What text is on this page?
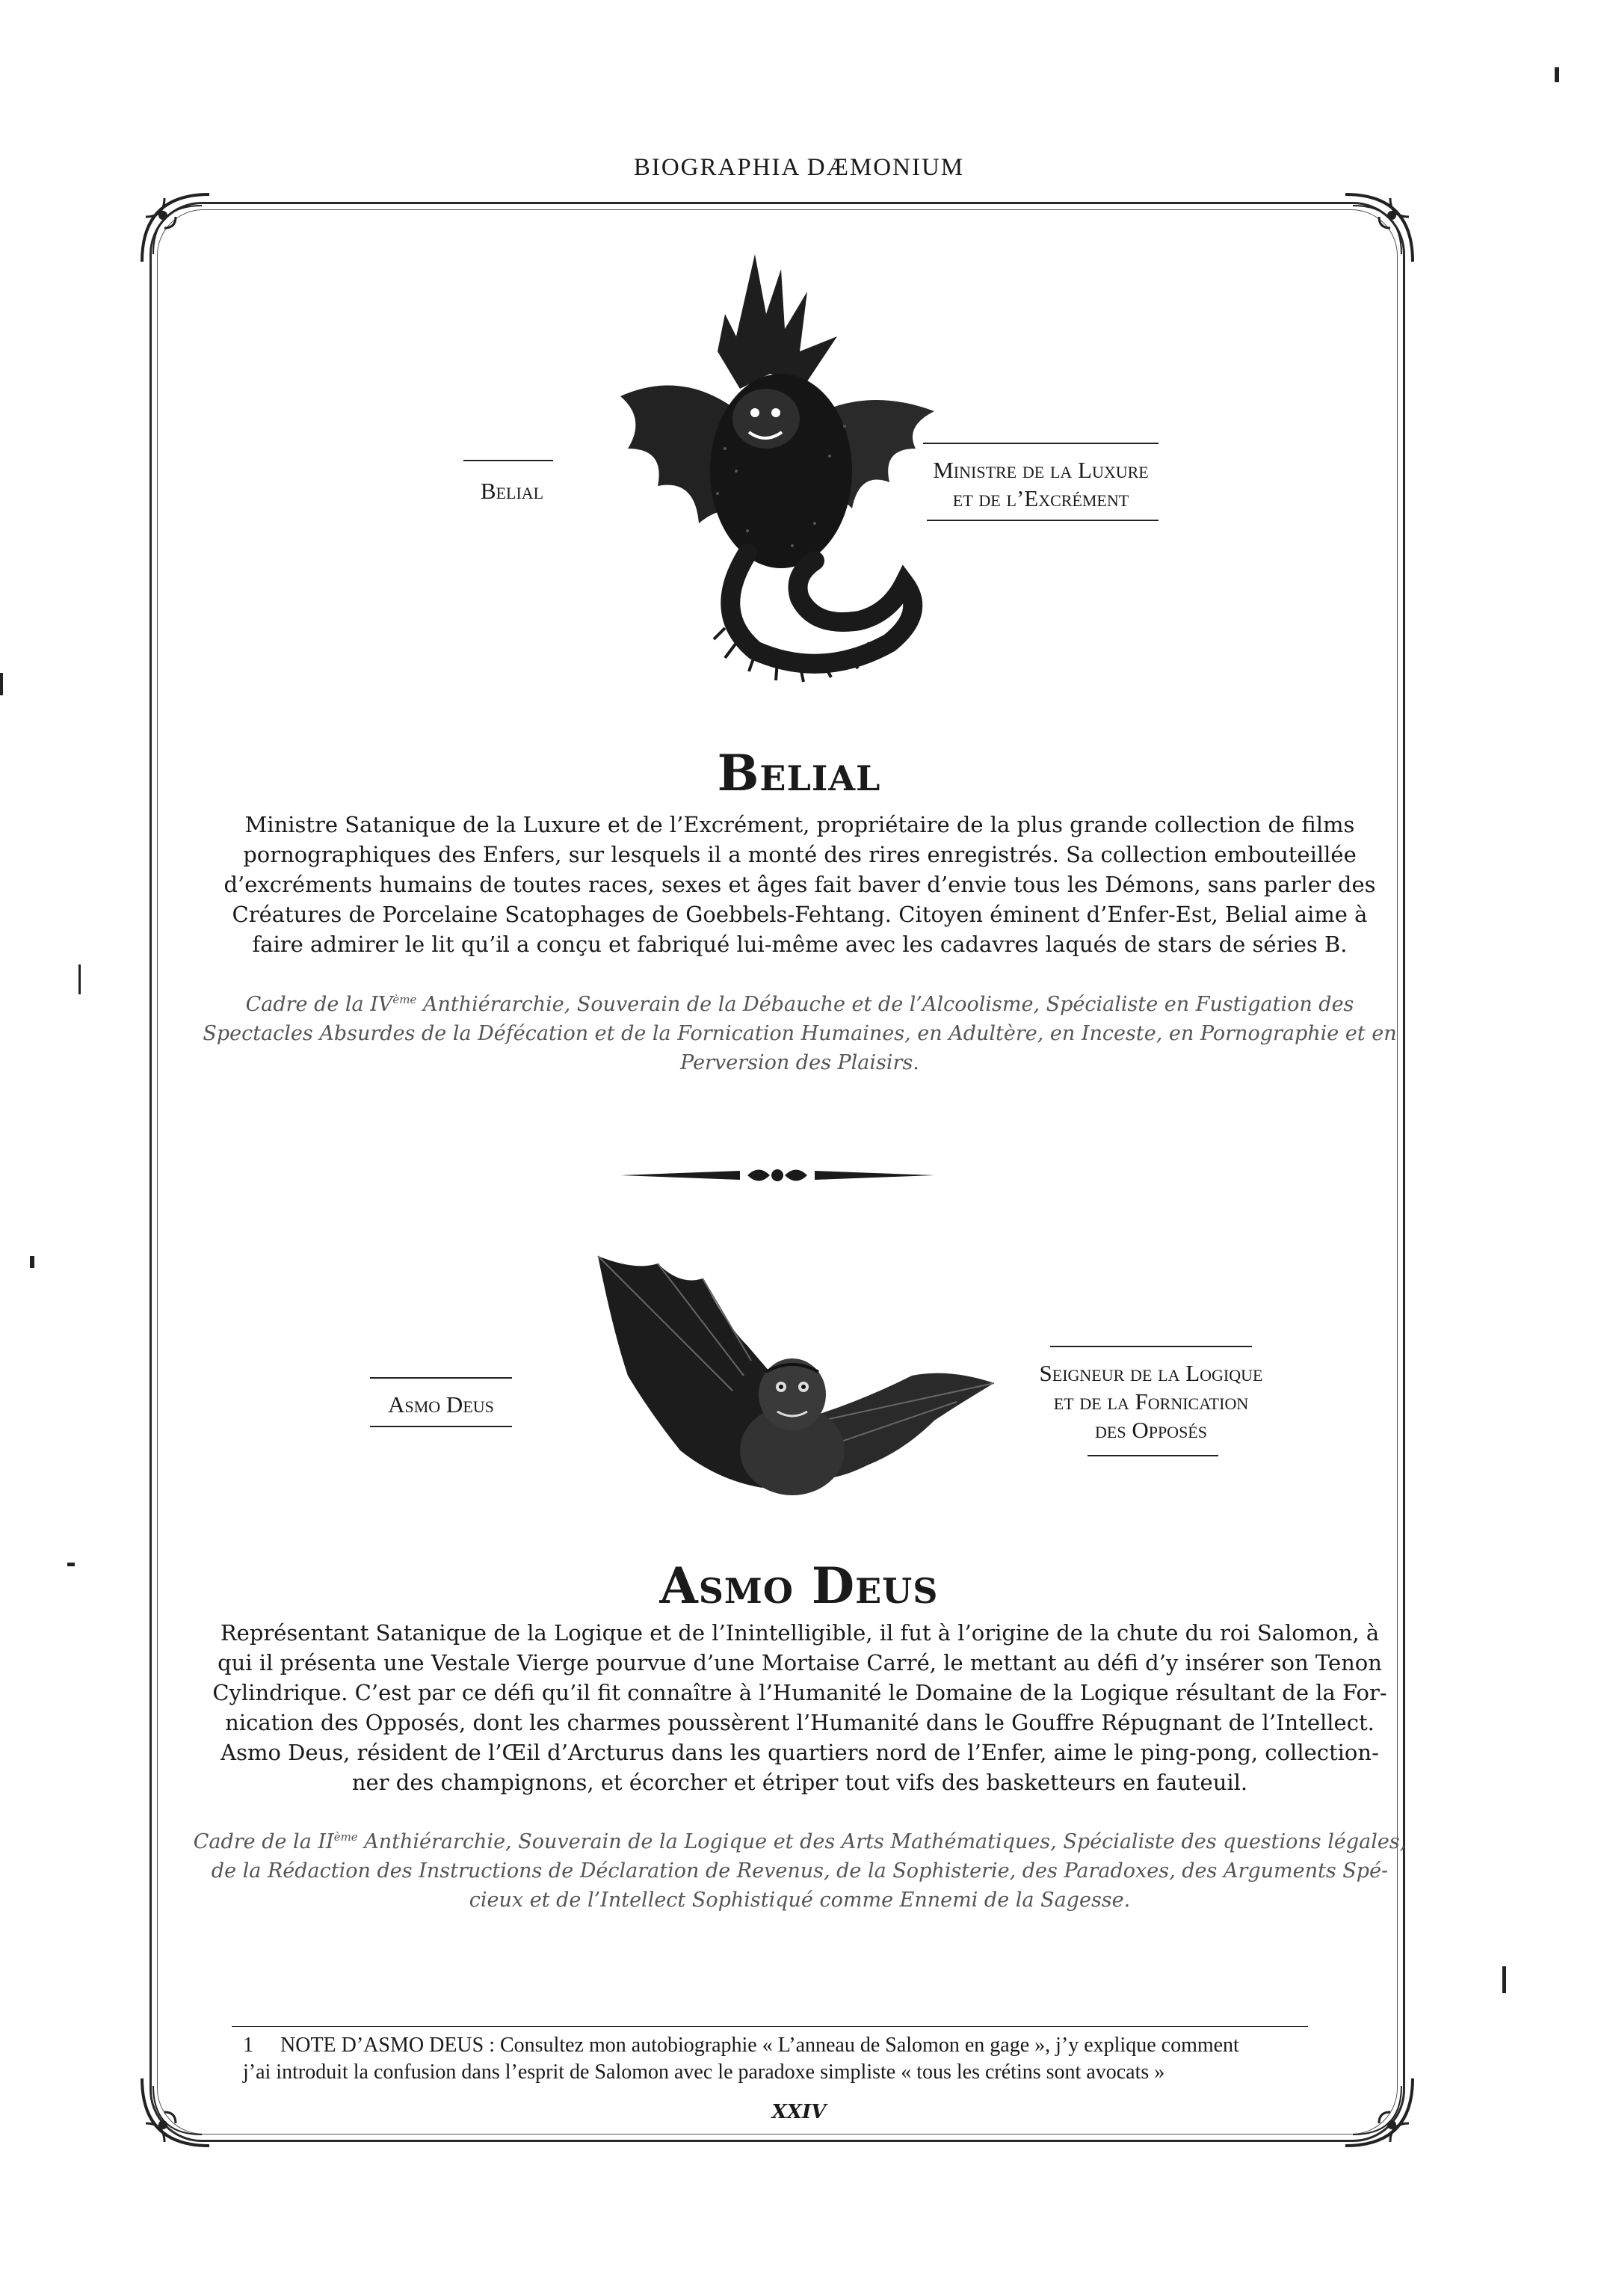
BIOGRAPHIA DÆMONIUM
Belial
Ministre de la Luxure
et de l’Excrément
Belial
Ministre Satanique de la Luxure et de l’Excrément, propriétaire de la plus grande collection de films
pornographiques des Enfers, sur lesquels il a monté des rires enregistrés. Sa collection embouteillée
d’excréments humains de toutes races, sexes et âges fait baver d’envie tous les Démons, sans parler des
Créatures de Porcelaine Scatophages de Goebbels-Fehtang. Citoyen éminent d’Enfer-Est, Belial aime à
faire admirer le lit qu’il a conçu et fabriqué lui-même avec les cadavres laqués de stars de séries B.
Cadre de la IVème Anthiérarchie, Souverain de la Débauche et de l’Alcoolisme, Spécialiste en Fustigation des
Spectacles Absurdes de la Défécation et de la Fornication Humaines, en Adultère, en Inceste, en Pornographie et en
Perversion des Plaisirs.
Asmo Deus
Seigneur de la Logique
et de la Fornication
des Opposés
Asmo Deus
Représentant Satanique de la Logique et de l’Inintelligible, il fut à l’origine de la chute du roi Salomon, à
qui il présenta une Vestale Vierge pourvue d’une Mortaise Carré, le mettant au défi d’y insérer son Tenon
Cylindrique. C’est par ce défi qu’il fit connaître à l’Humanité le Domaine de la Logique résultant de la For-
nication des Opposés, dont les charmes poussèrent l’Humanité dans le Gouffre Répugnant de l’Intellect.
Asmo Deus, résident de l’Œil d’Arcturus dans les quartiers nord de l’Enfer, aime le ping-pong, collection-
ner des champignons, et écorcher et étriper tout vifs des basketteurs en fauteuil.
Cadre de la IIème Anthiérarchie, Souverain de la Logique et des Arts Mathématiques, Spécialiste des questions légales,
de la Rédaction des Instructions de Déclaration de Revenus, de la Sophisterie, des Paradoxes, des Arguments Spé-
cieux et de l’Intellect Sophistiqué comme Ennemi de la Sagesse.
1 NOTE D’ASMO DEUS : Consultez mon autobiographie « L’anneau de Salomon en gage », j’y explique comment
j’ai introduit la confusion dans l’esprit de Salomon avec le paradoxe simpliste « tous les crétins sont avocats »
XXIV
